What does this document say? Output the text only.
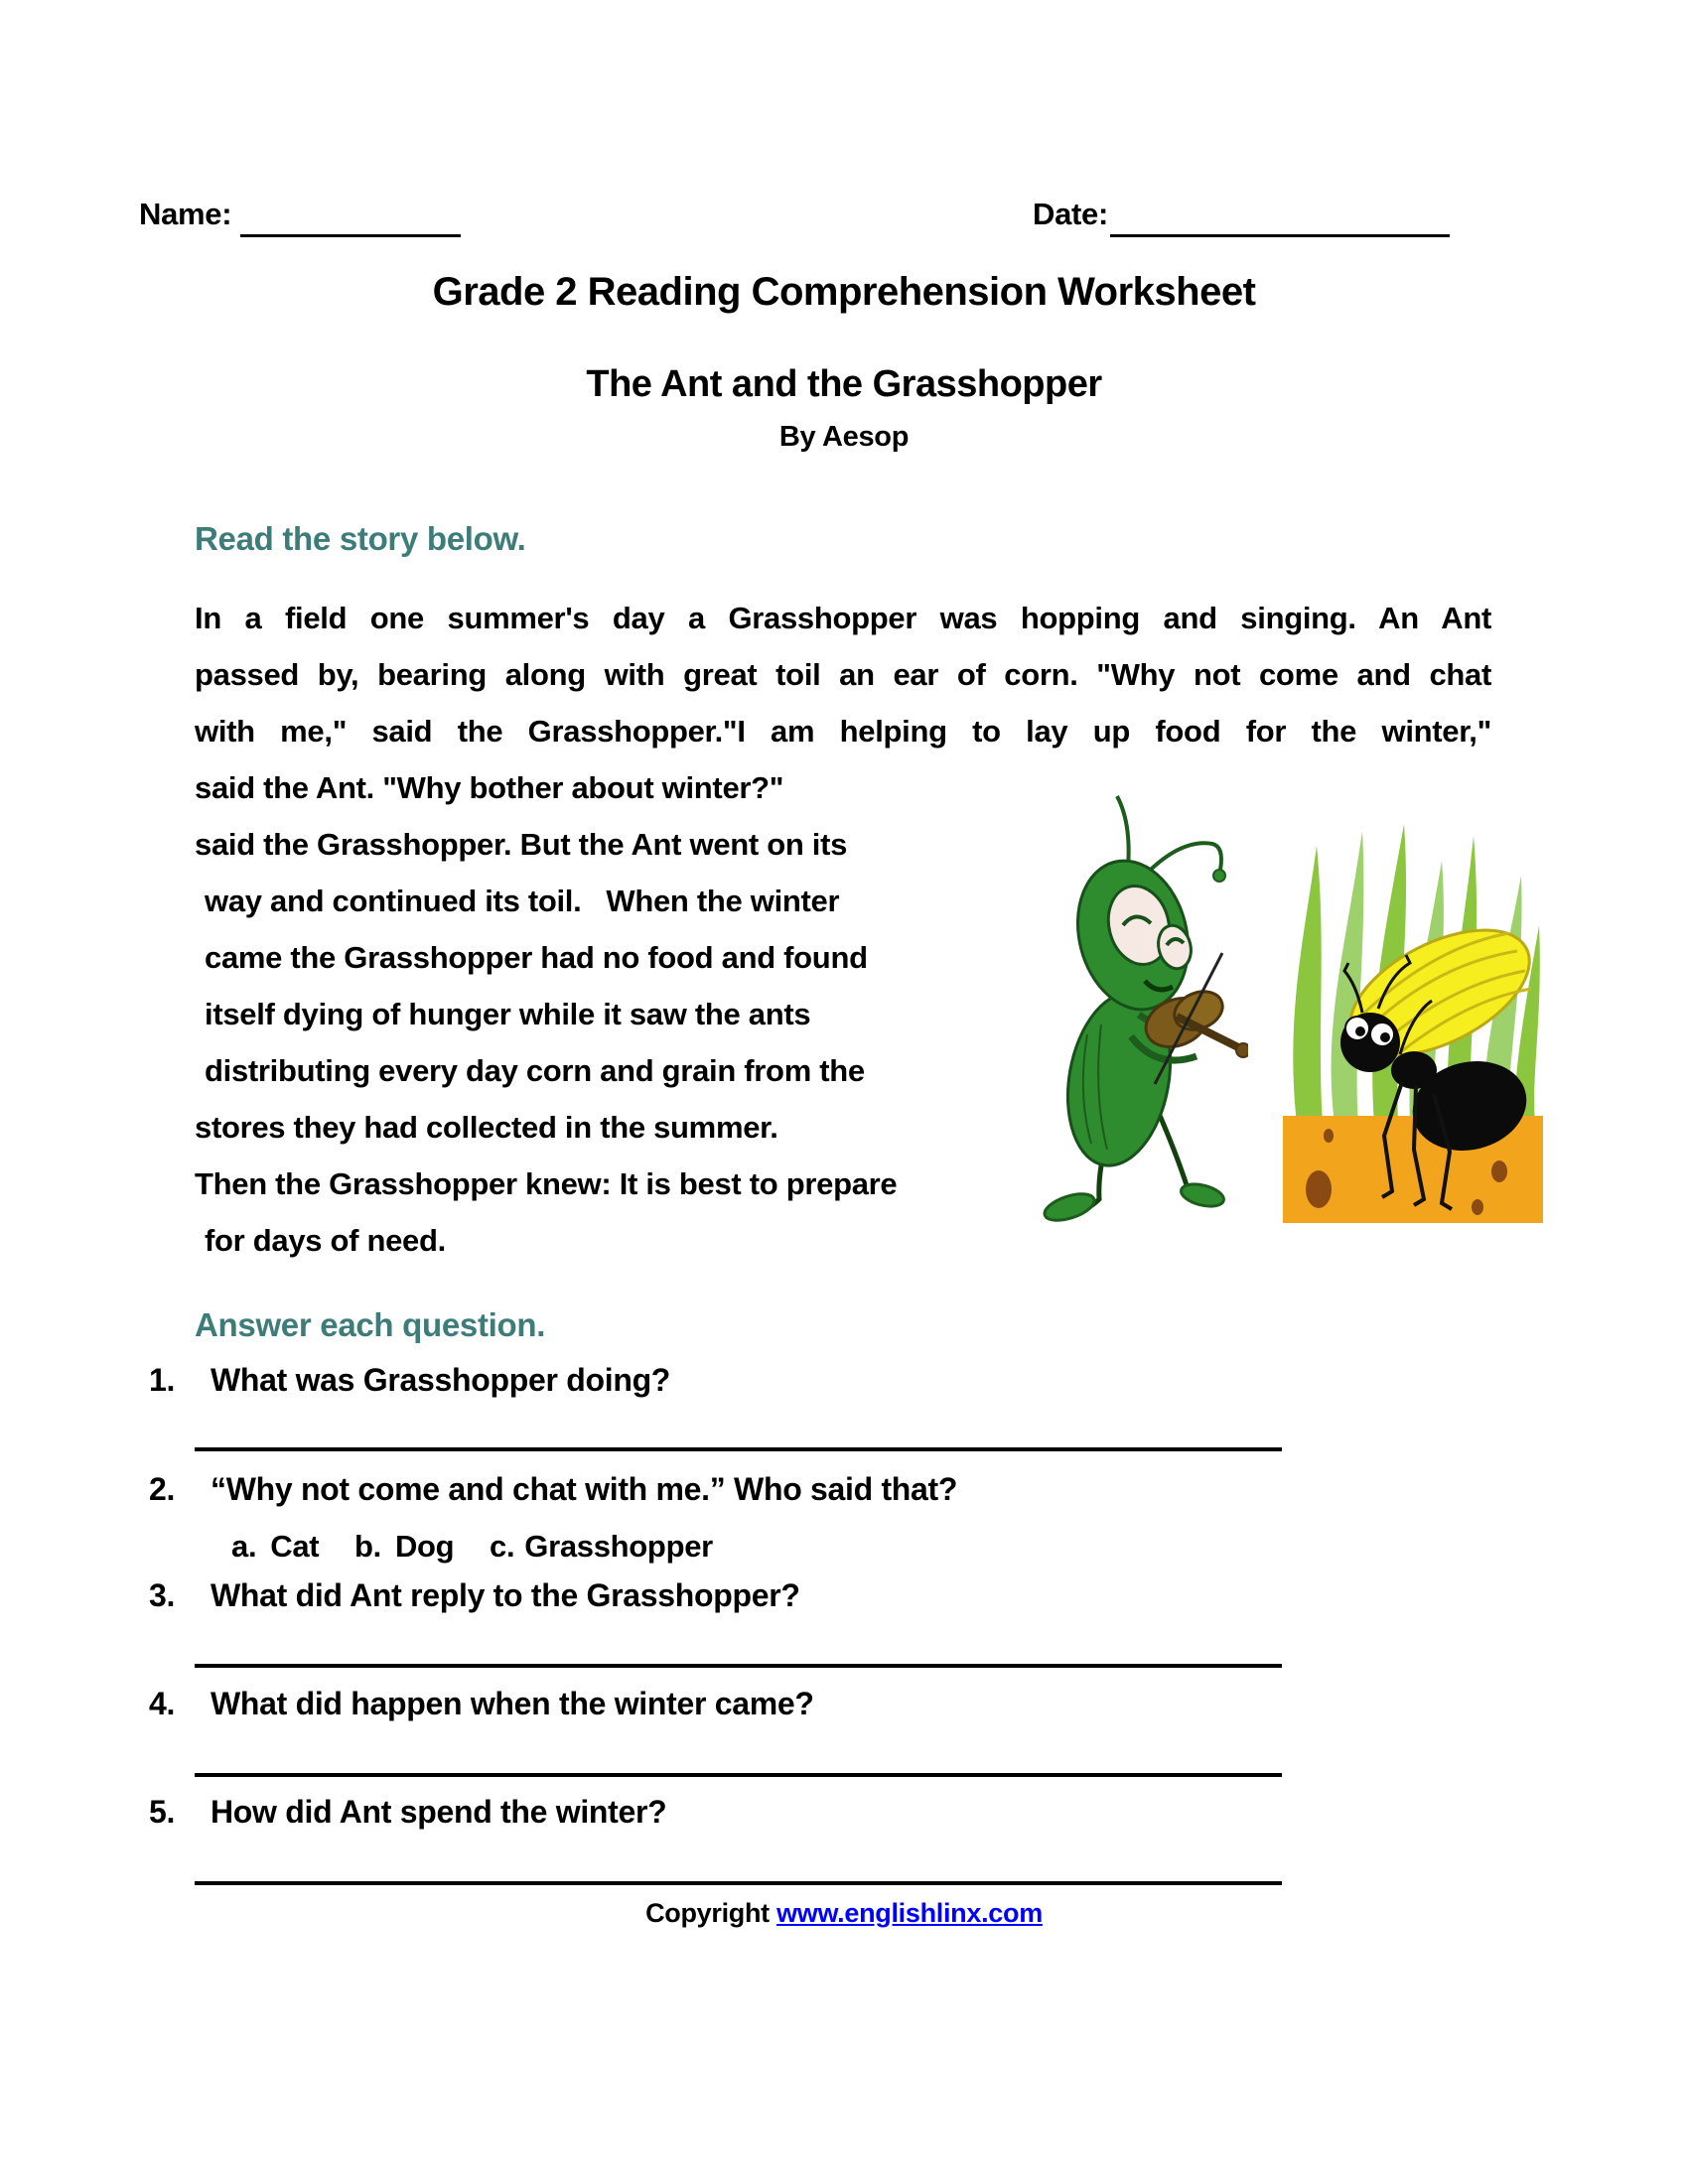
Name:	Date:
Grade 2 Reading Comprehension Worksheet
The Ant and the Grasshopper
By Aesop
Read the story below.
In a field one summer's day a Grasshopper was hopping and singing. An Ant
passed by, bearing along with great toil an ear of corn. "Why not come and chat
with me," said the Grasshopper."I am helping to lay up food for the winter,"
said the Ant. "Why bother about winter?"
said the Grasshopper. But the Ant went on its
way and continued its toil.   When the winter
came the Grasshopper had no food and found
itself dying of hunger while it saw the ants
distributing every day corn and grain from the
stores they had collected in the summer.
Then the Grasshopper knew: It is best to prepare
for days of need.
Answer each question.
1. What was Grasshopper doing?
2. “Why not come and chat with me.” Who said that?
a. Cat b. Dog c. Grasshopper
3. What did Ant reply to the Grasshopper?
4. What did happen when the winter came?
5. How did Ant spend the winter?
Copyright www.englishlinx.com
